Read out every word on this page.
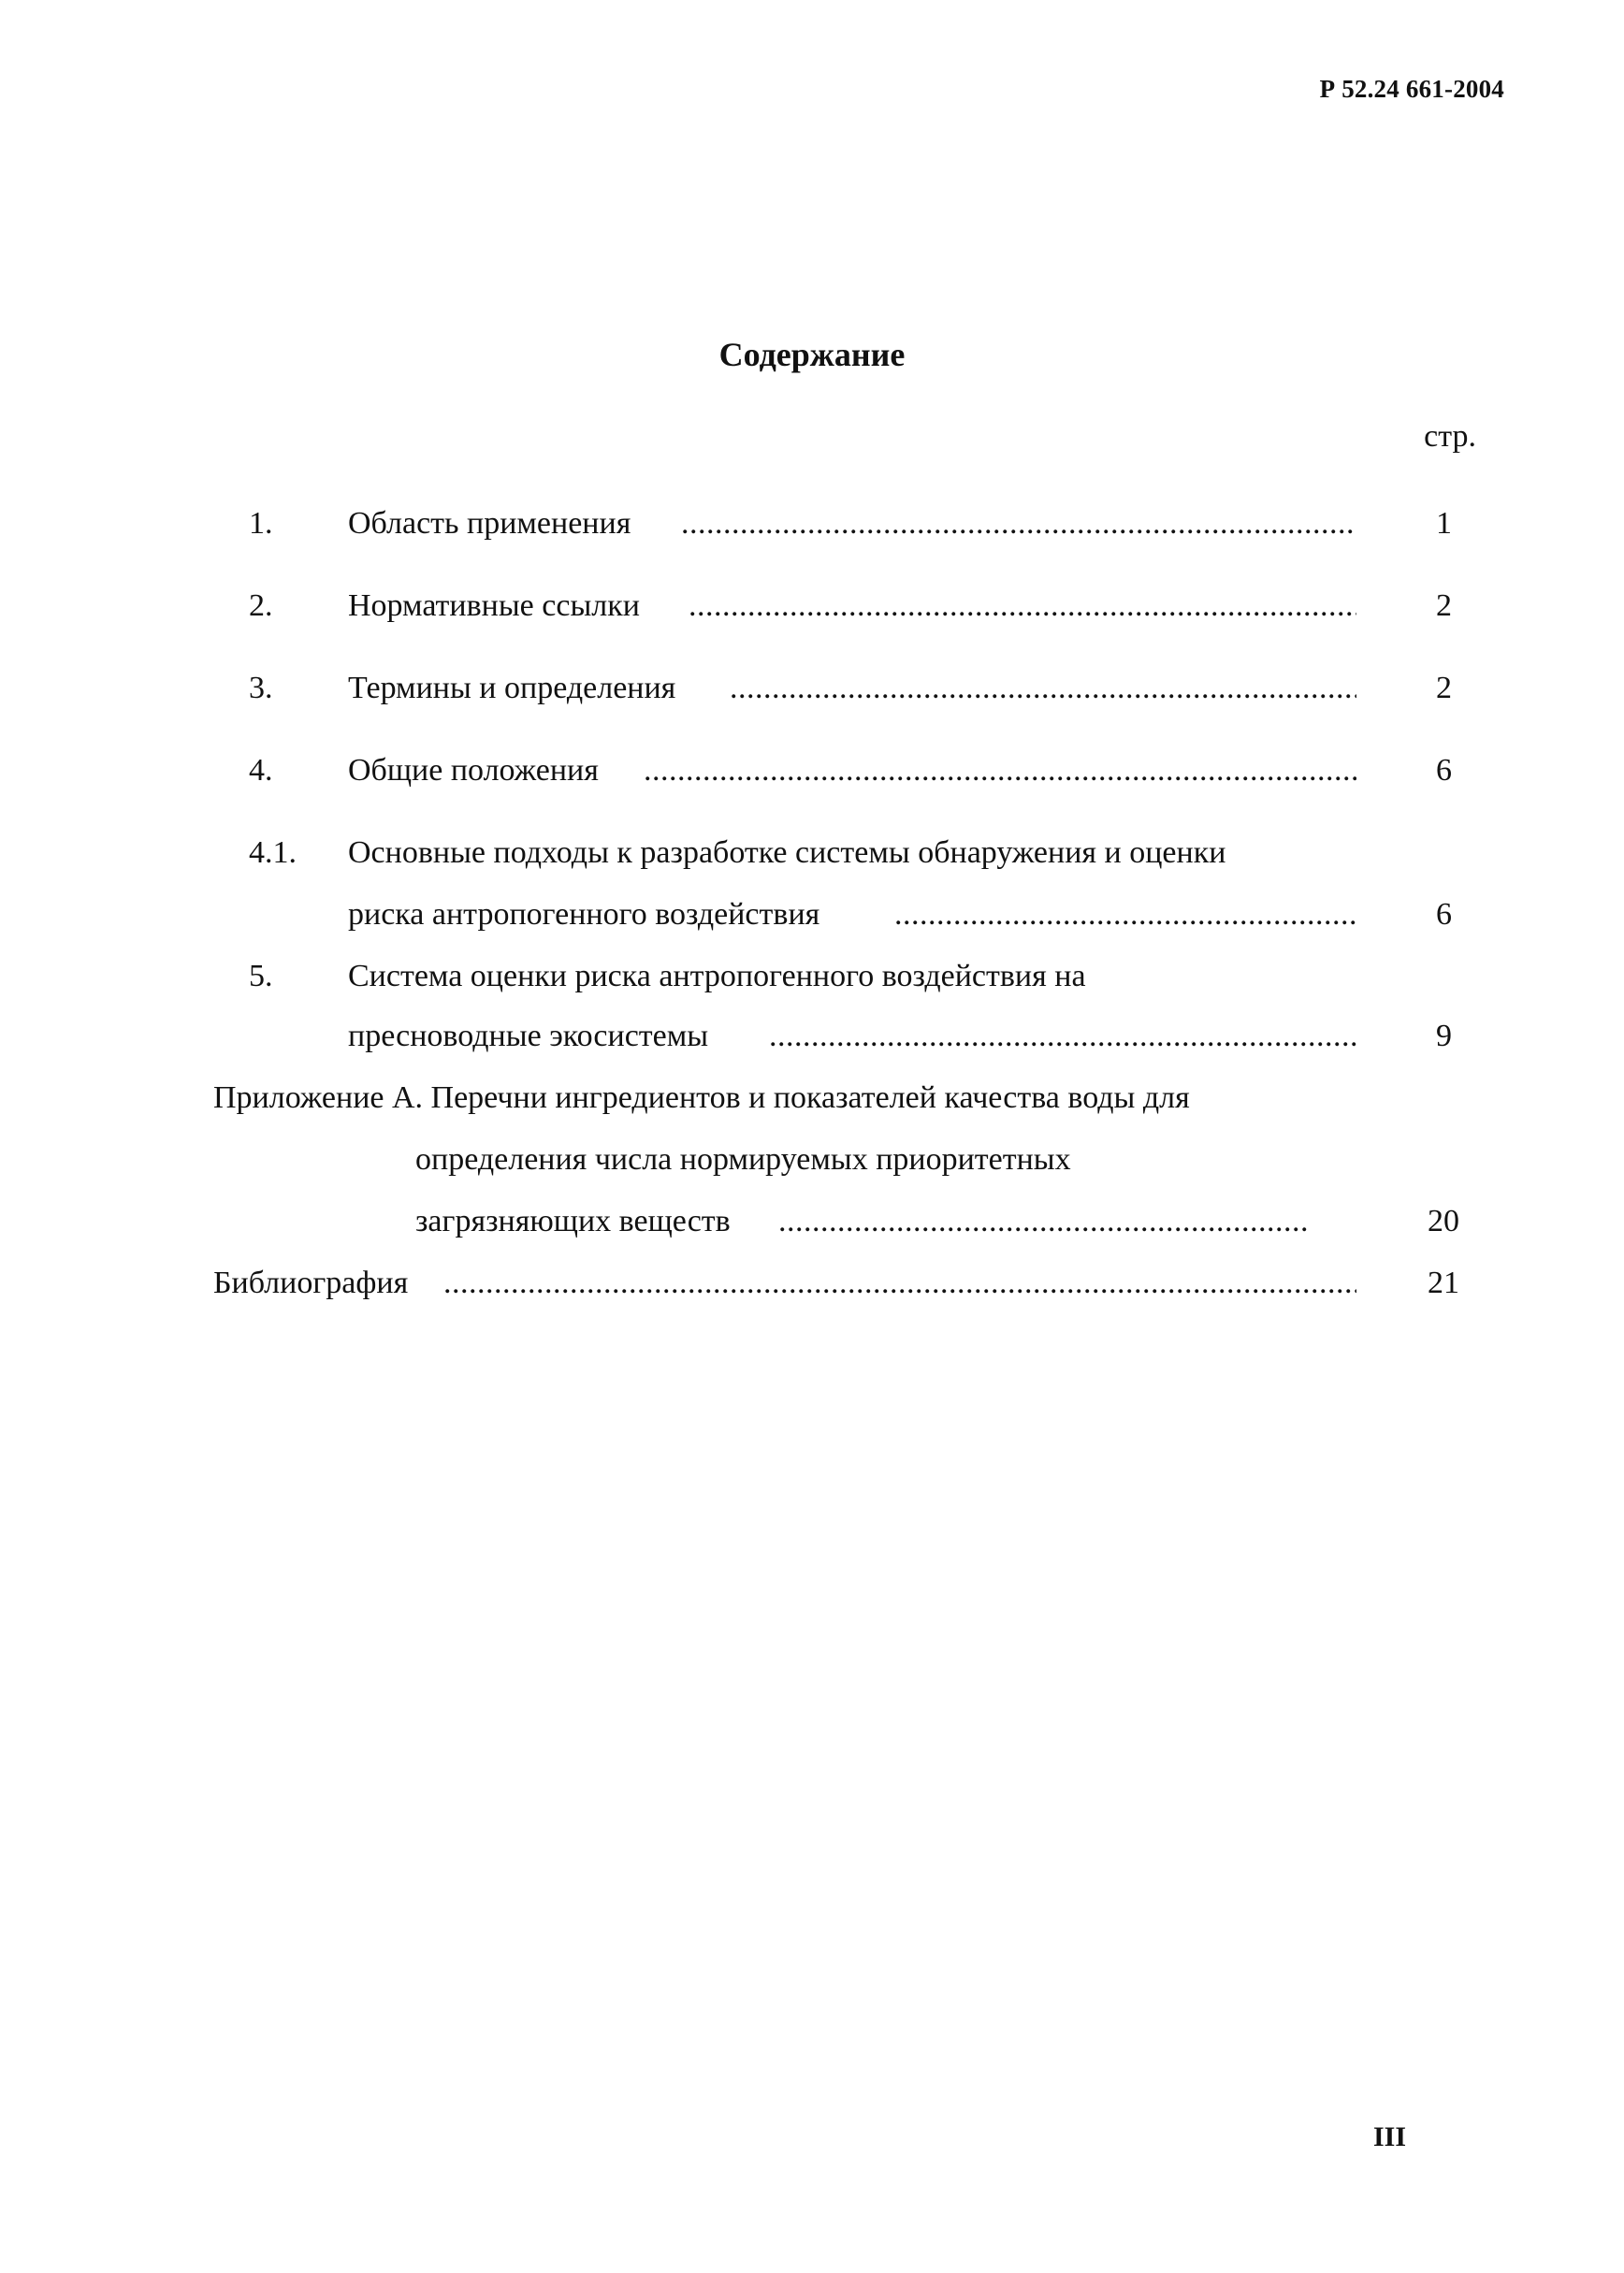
Р 52.24 661-2004
Содержание
стр.
1. Область применения . . .	1
2. Нормативные ссылки . . .	2
3. Термины и определения . . .	2
4. Общие положения . . .	6
4.1. Основные подходы к разработке системы обнаружения и оценки
риска антропогенного воздействия . . .	6
5. Система оценки риска антропогенного воздействия на
пресноводные экосистемы . . .	9
Приложение А. Перечни ингредиентов и показателей качества воды для
определения числа нормируемых приоритетных
загрязняющих веществ . . .	20
Библиография . . .	21
III
